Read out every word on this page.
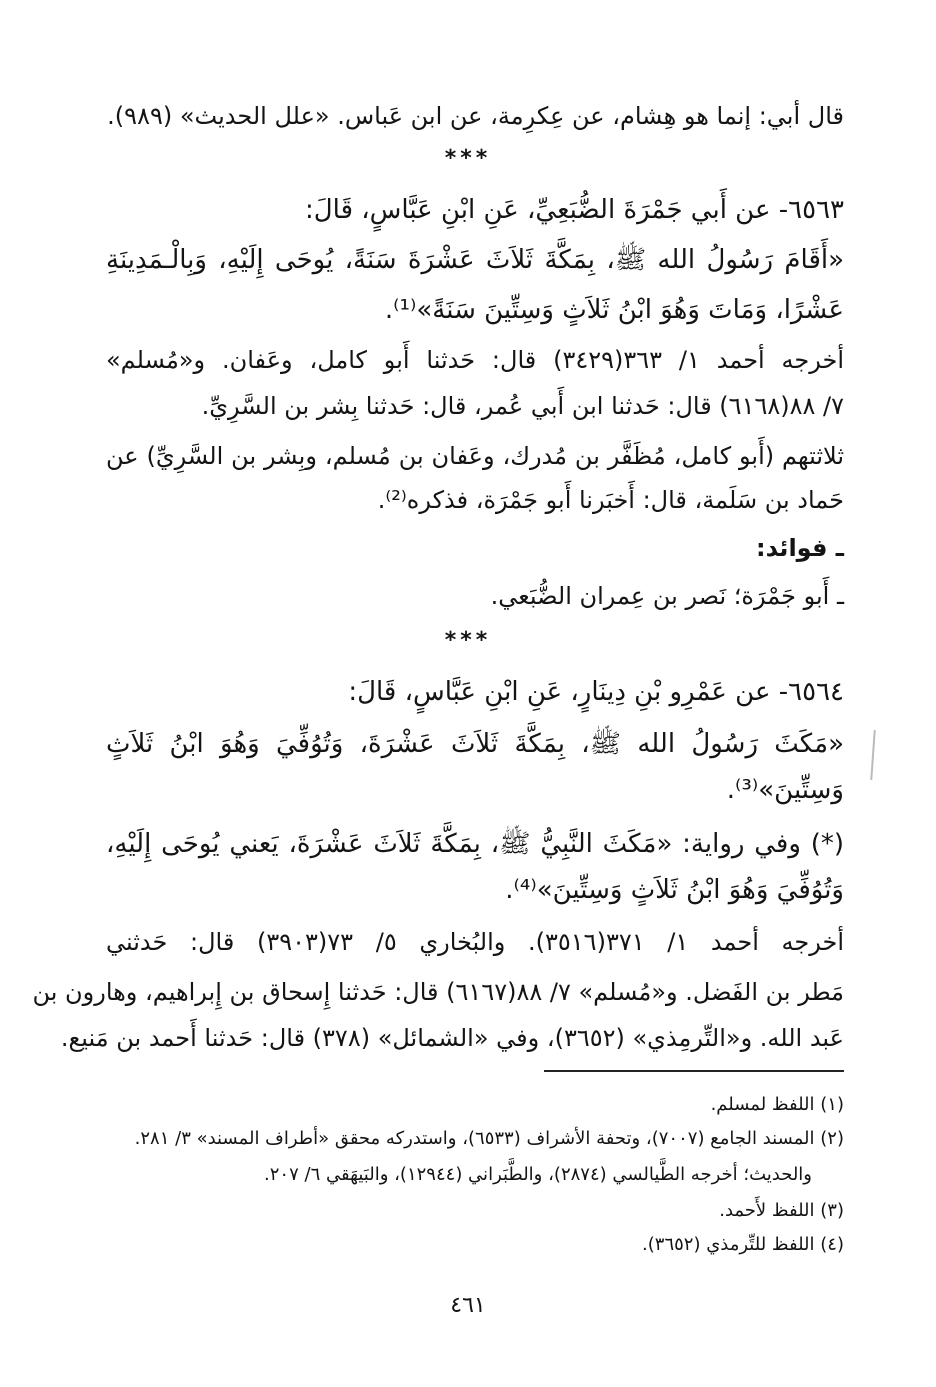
قال أبي: إنما هو هِشام، عن عِكرِمة، عن ابن عَباس. «علل الحديث» (٩٨٩).
***
٦٥٦٣- عن أَبي جَمْرَةَ الضُّبَعِيِّ، عَنِ ابْنِ عَبَّاسٍ، قَالَ:
«أَقَامَ رَسُولُ الله ﷺ، بِمَكَّةَ ثَلاَثَ عَشْرَةَ سَنَةً، يُوحَى إِلَيْهِ، وَبِالْـمَدِينَةِ
عَشْرًا، وَمَاتَ وَهُوَ ابْنُ ثَلاَثٍ وَسِتِّينَ سَنَةً»⁽¹⁾.
أخرجه أحمد ١/ ٣٦٣(٣٤٢٩) قال: حَدثنا أَبو كامل، وعَفان. و«مُسلم»
٧/ ٨٨(٦١٦٨) قال: حَدثنا ابن أَبي عُمر، قال: حَدثنا بِشر بن السَّرِيِّ.
ثلاثتهم (أَبو كامل، مُظَفَّر بن مُدرك، وعَفان بن مُسلم، وبِشر بن السَّرِيِّ) عن
حَماد بن سَلَمة، قال: أَخبَرنا أَبو جَمْرَة، فذكره⁽²⁾.
ـ فوائد:
ـ أَبو جَمْرَة؛ نَصر بن عِمران الضُّبَعي.
***
٦٥٦٤- عن عَمْرِو بْنِ دِينَارٍ، عَنِ ابْنِ عَبَّاسٍ، قَالَ:
«مَكَثَ رَسُولُ الله ﷺ، بِمَكَّةَ ثَلاَثَ عَشْرَةَ، وَتُوُفِّيَ وَهُوَ ابْنُ ثَلاَثٍ
وَسِتِّينَ»⁽³⁾.
(*) وفي رواية: «مَكَثَ النَّبِيُّ ﷺ، بِمَكَّةَ ثَلاَثَ عَشْرَةَ، يَعني يُوحَى إِلَيْهِ،
وَتُوُفِّيَ وَهُوَ ابْنُ ثَلاَثٍ وَسِتِّينَ»⁽⁴⁾.
أخرجه أحمد ١/ ٣٧١(٣٥١٦). والبُخاري ٥/ ٧٣(٣٩٠٣) قال: حَدثني
مَطر بن الفَضل. و«مُسلم» ٧/ ٨٨(٦١٦٧) قال: حَدثنا إِسحاق بن إِبراهيم، وهارون بن
عَبد الله. و«التِّرمِذي» (٣٦٥٢)، وفي «الشمائل» (٣٧٨) قال: حَدثنا أَحمد بن مَنيع.
(١) اللفظ لمسلم.
(٢) المسند الجامع (٧٠٠٧)، وتحفة الأشراف (٦٥٣٣)، واستدركه محقق «أطراف المسند» ٣/ ٢٨١.
والحديث؛ أخرجه الطَّيالسي (٢٨٧٤)، والطَّبَراني (١٢٩٤٤)، والبَيهَقي ٦/ ٢٠٧.
(٣) اللفظ لأَحمد.
(٤) اللفظ للتِّرمذي (٣٦٥٢).
٤٦١
